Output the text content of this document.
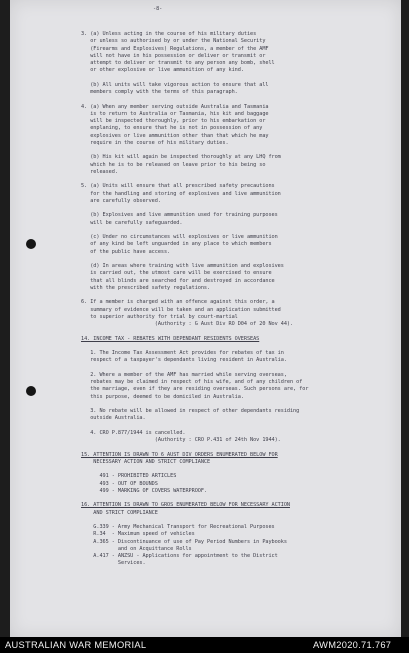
-8-
3. (a) Unless acting in the course of his military duties
or unless so authorised by or under the National Security
(Firearms and Explosives) Regulations, a member of the AMF
will not have in his possession or deliver or transmit or
attempt to deliver or transmit to any person any bomb, shell
or other explosive or live ammunition of any kind.
(b) All units will take vigorous action to ensure that all
members comply with the terms of this paragraph.
4. (a) When any member serving outside Australia and Tasmania
is to return to Australia or Tasmania, his kit and baggage
will be inspected thoroughly, prior to his embarkation or
enplaning, to ensure that he is not in possession of any
explosives or live ammunition other than that which he may
require in the course of his military duties.
(b) His kit will again be inspected thoroughly at any LHQ from
which he is to be released on leave prior to his being so
released.
5. (a) Units will ensure that all prescribed safety precautions
for the handling and storing of explosives and live ammunition
are carefully observed.
(b) Explosives and live ammunition used for training purposes
will be carefully safeguarded.
(c) Under no circumstances will explosives or live ammunition
of any kind be left unguarded in any place to which members
of the public have access.
(d) In areas where training with live ammunition and explosives
is carried out, the utmost care will be exercised to ensure
that all blinds are searched for and destroyed in accordance
with the prescribed safety regulations.
6. If a member is charged with an offence against this order, a
summary of evidence will be taken and an application submitted
to superior authority for trial by court-martial
(Authority : G Aust Div RO D04 of 20 Nov 44).
14. INCOME TAX - REBATES WITH DEPENDANT RESIDENTS OVERSEAS
1. The Income Tax Assessment Act provides for rebates of tax in
respect of a taxpayer's dependants living resident in Australia.
2. Where a member of the AMF has married while serving overseas,
rebates may be claimed in respect of his wife, and of any children of
the marriage, even if they are residing overseas. Such persons are, for
this purpose, deemed to be domiciled in Australia.
3. No rebate will be allowed in respect of other dependants residing
outside Australia.
4. CRO P.877/1944 is cancelled.
(Authority : CRO P.431 of 24th Nov 1944).
15. ATTENTION IS DRAWN TO 6 AUST DIV ORDERS ENUMERATED BELOW FOR
NECESSARY ACTION AND STRICT COMPLIANCE
491 - PROHIBITED ARTICLES
493 - OUT OF BOUNDS
499 - MARKING OF COVERS WATERPROOF.
16. ATTENTION IS DRAWN TO GROS ENUMERATED BELOW FOR NECESSARY ACTION
AND STRICT COMPLIANCE
G.339 - Army Mechanical Transport for Recreational Purposes
R.34  - Maximum speed of vehicles
A.365 - Discontinuance of use of Pay Period Numbers in Paybooks
and on Acquittance Rolls
A.417 - ANZSU - Applications for appointment to the District
Services.
AUSTRALIAN WAR MEMORIAL	AWM2020.71.767
